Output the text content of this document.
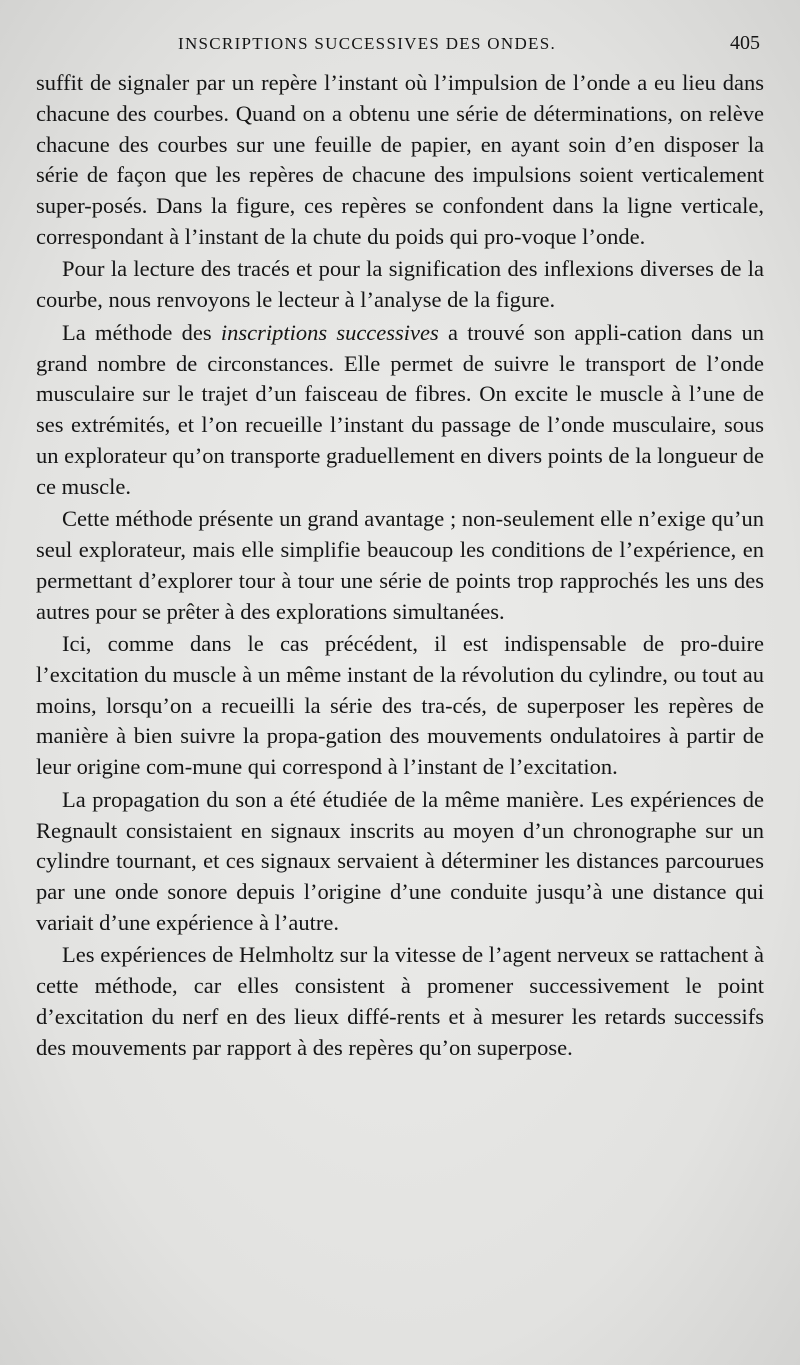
INSCRIPTIONS SUCCESSIVES DES ONDES.	405

suffit de signaler par un repère l’instant où l’impulsion de l’onde a eu lieu dans chacune des courbes. Quand on a obtenu une série de déterminations, on relève chacune des courbes sur une feuille de papier, en ayant soin d’en disposer la série de façon que les repères de chacune des impulsions soient verticalement super-posés. Dans la figure, ces repères se confondent dans la ligne verticale, correspondant à l’instant de la chute du poids qui pro-voque l’onde.

Pour la lecture des tracés et pour la signification des inflexions diverses de la courbe, nous renvoyons le lecteur à l’analyse de la figure.

La méthode des inscriptions successives a trouvé son appli-cation dans un grand nombre de circonstances. Elle permet de suivre le transport de l’onde musculaire sur le trajet d’un faisceau de fibres. On excite le muscle à l’une de ses extrémités, et l’on recueille l’instant du passage de l’onde musculaire, sous un explorateur qu’on transporte graduellement en divers points de la longueur de ce muscle.

Cette méthode présente un grand avantage ; non-seulement elle n’exige qu’un seul explorateur, mais elle simplifie beaucoup les conditions de l’expérience, en permettant d’explorer tour à tour une série de points trop rapprochés les uns des autres pour se prêter à des explorations simultanées.

Ici, comme dans le cas précédent, il est indispensable de pro-duire l’excitation du muscle à un même instant de la révolution du cylindre, ou tout au moins, lorsqu’on a recueilli la série des tra-cés, de superposer les repères de manière à bien suivre la propa-gation des mouvements ondulatoires à partir de leur origine com-mune qui correspond à l’instant de l’excitation.

La propagation du son a été étudiée de la même manière. Les expériences de Regnault consistaient en signaux inscrits au moyen d’un chronographe sur un cylindre tournant, et ces signaux servaient à déterminer les distances parcourues par une onde sonore depuis l’origine d’une conduite jusqu’à une distance qui variait d’une expérience à l’autre.

Les expériences de Helmholtz sur la vitesse de l’agent nerveux se rattachent à cette méthode, car elles consistent à promener successivement le point d’excitation du nerf en des lieux diffé-rents et à mesurer les retards successifs des mouvements par rapport à des repères qu’on superpose.
